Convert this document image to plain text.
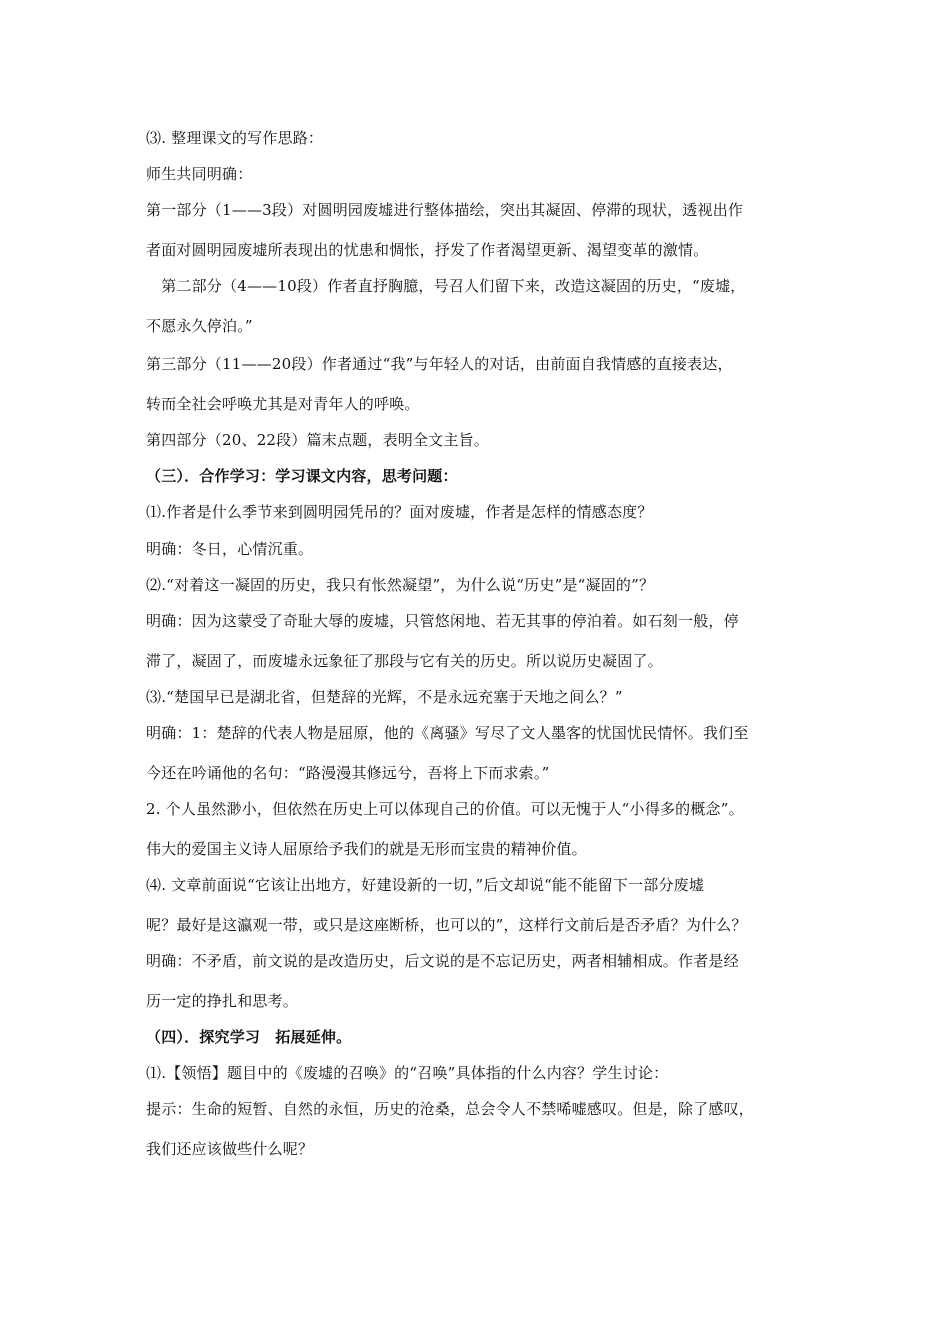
⑶. 整理课文的写作思路：
师生共同明确：
第一部分（1——3段）对圆明园废墟进行整体描绘，突出其凝固、停滞的现状，透视出作
者面对圆明园废墟所表现出的忧患和惆怅，抒发了作者渴望更新、渴望变革的激情。
　第二部分（4——10段）作者直抒胸臆，号召人们留下来，改造这凝固的历史，“废墟，
不愿永久停泊。”
第三部分（11——20段）作者通过“我”与年轻人的对话，由前面自我情感的直接表达，
转而全社会呼唤尤其是对青年人的呼唤。
第四部分（20、22段）篇末点题，表明全文主旨。
（三）．合作学习：学习课文内容，思考问题：
⑴.作者是什么季节来到圆明园凭吊的？面对废墟，作者是怎样的情感态度？
明确：冬日，心情沉重。
⑵.“对着这一凝固的历史，我只有怅然凝望”，为什么说“历史”是“凝固的”？
明确：因为这蒙受了奇耻大辱的废墟，只管悠闲地、若无其事的停泊着。如石刻一般，停
滞了，凝固了，而废墟永远象征了那段与它有关的历史。所以说历史凝固了。
⑶.“楚国早已是湖北省，但楚辞的光辉，不是永远充塞于天地之间么？”
明确：1：楚辞的代表人物是屈原，他的《离骚》写尽了文人墨客的忧国忧民情怀。我们至
今还在吟诵他的名句：“路漫漫其修远兮，吾将上下而求索。”
2. 个人虽然渺小，但依然在历史上可以体现自己的价值。可以无愧于人“小得多的概念”。
伟大的爱国主义诗人屈原给予我们的就是无形而宝贵的精神价值。
⑷. 文章前面说“它该让出地方，好建设新的一切，”后文却说“能不能留下一部分废墟
呢？最好是这瀛观一带，或只是这座断桥，也可以的”，这样行文前后是否矛盾？为什么？
明确：不矛盾，前文说的是改造历史，后文说的是不忘记历史，两者相辅相成。作者是经
历一定的挣扎和思考。
（四）．探究学习　拓展延伸。
⑴.【领悟】题目中的《废墟的召唤》的“召唤”具体指的什么内容？学生讨论：
提示：生命的短暂、自然的永恒，历史的沧桑，总会令人不禁唏嘘感叹。但是，除了感叹，
我们还应该做些什么呢？
